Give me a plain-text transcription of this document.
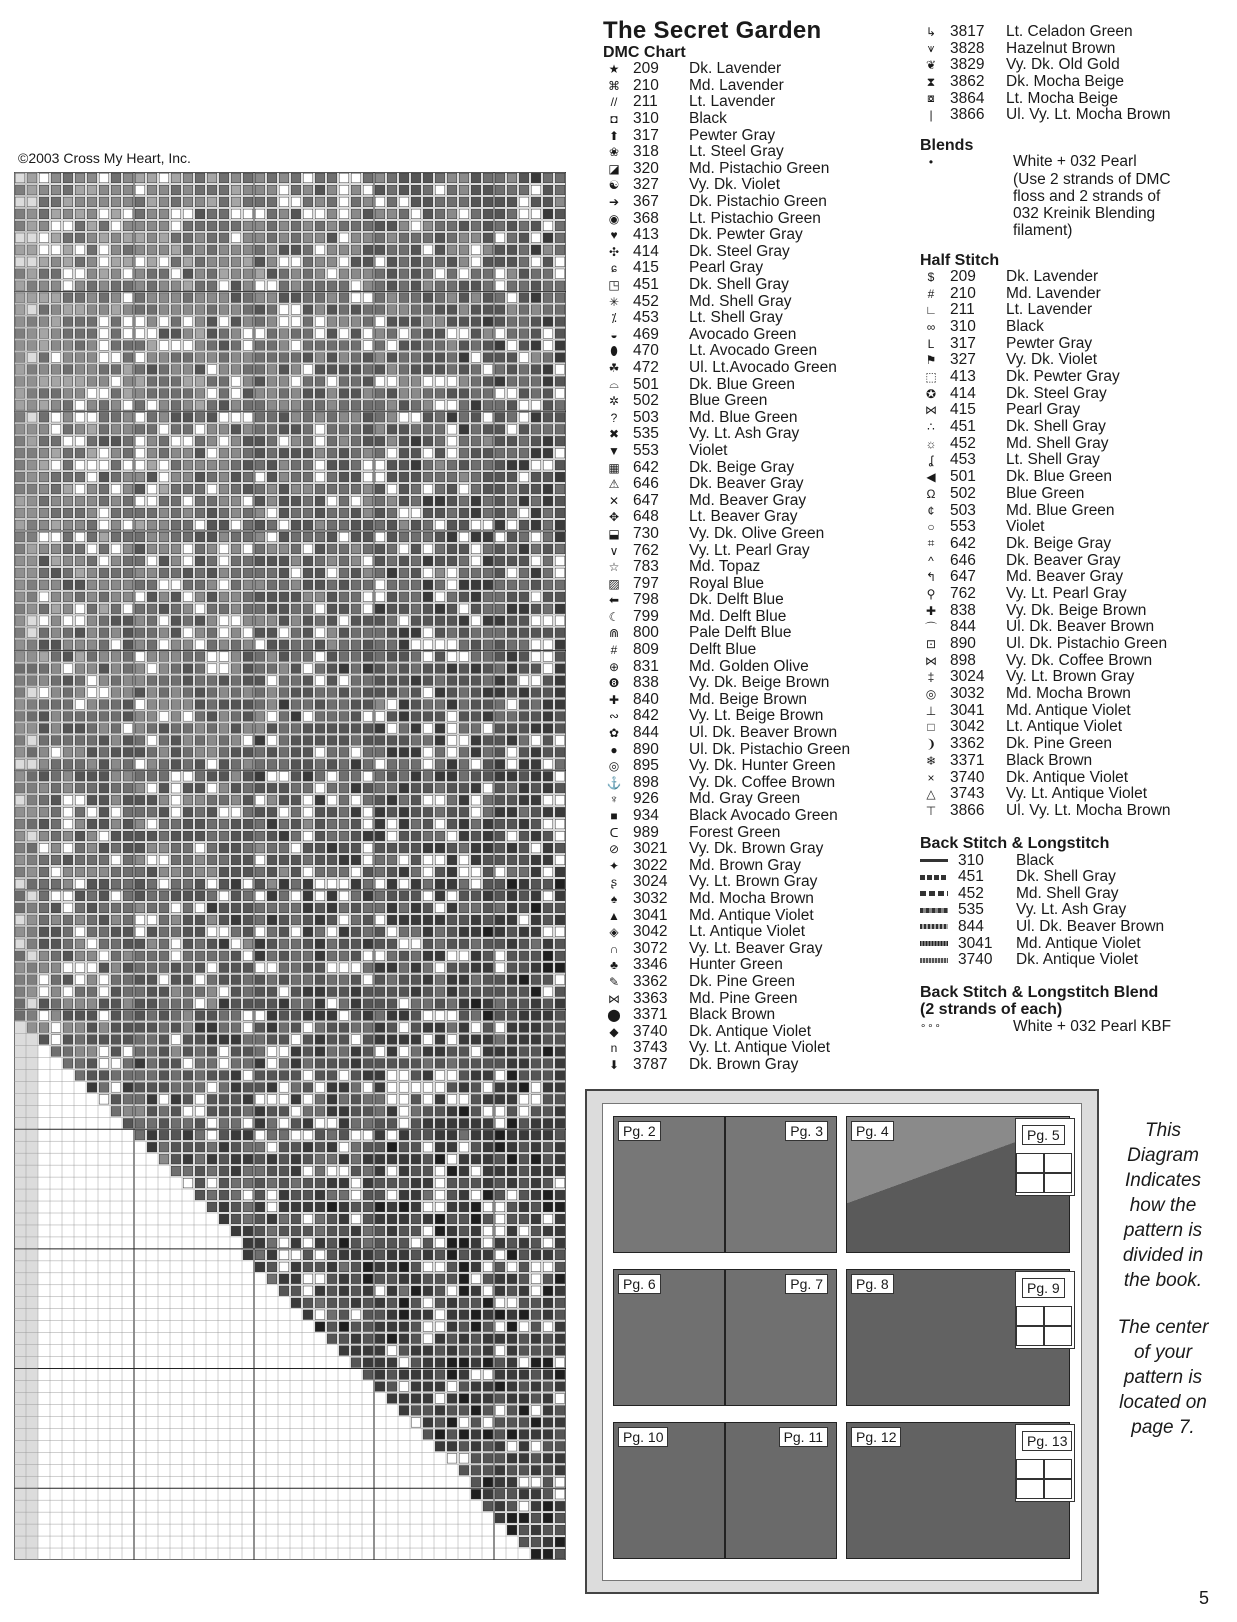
©2003 Cross My Heart, Inc.
The Secret Garden
DMC Chart
★ 209	Dk. Lavender
⌘ 210	Md. Lavender
//	211	Lt. Lavender
◘ 310	Black
⬆ 317	Pewter Gray
❀ 318	Lt. Steel Gray
◪ 320	Md. Pistachio Green
☯ 327	Vy. Dk. Violet
➔ 367	Dk. Pistachio Green
◉ 368	Lt. Pistachio Green
♥ 413	Dk. Pewter Gray
✣ 414	Dk. Steel Gray
ɕ	415	Pearl Gray
◳ 451	Dk. Shell Gray
✳ 452	Md. Shell Gray
⁒	453	Lt. Shell Gray
◒ 469	Avocado Green
⬮ 470	Lt. Avocado Green
☘ 472	Ul. Lt.Avocado Green
⌓ 501	Dk. Blue Green
✲ 502	Blue Green
?	503	Md. Blue Green
✖ 535	Vy. Lt. Ash Gray
▼ 553	Violet
▦ 642	Dk. Beige Gray
⚠ 646	Dk. Beaver Gray
✕ 647	Md. Beaver Gray
✥ 648	Lt. Beaver Gray
⬓ 730	Vy. Dk. Olive Green
∨ 762	Vy. Lt. Pearl Gray
☆ 783	Md. Topaz
▨ 797	Royal Blue
⬅ 798	Dk. Delft Blue
☾ 799	Md. Delft Blue
⋒ 800	Pale Delft Blue
#	809	Delft Blue
⊕ 831	Md. Golden Olive
❽ 838	Vy. Dk. Beige Brown
✚ 840	Md. Beige Brown
∾ 842	Vy. Lt. Beige Brown
✿ 844	Ul. Dk. Beaver Brown
● 890	Ul. Dk. Pistachio Green
◎ 895	Vy. Dk. Hunter Green
⚓ 898	Vy. Dk. Coffee Brown
♆ 926	Md. Gray Green
■ 934	Black Avocado Green
ᑕ 989	Forest Green
⊘ 3021	Vy. Dk. Brown Gray
✦ 3022	Md. Brown Gray
ʂ	3024	Vy. Lt. Brown Gray
♠	3032	Md. Mocha Brown
▲ 3041	Md. Antique Violet
◈ 3042	Lt. Antique Violet
∩ 3072	Vy. Lt. Beaver Gray
♣ 3346	Hunter Green
✎ 3362	Dk. Pine Green
⋈ 3363	Md. Pine Green
⬤ 3371	Black Brown
◆ 3740	Dk. Antique Violet
n	3743	Vy. Lt. Antique Violet
⬇ 3787	Dk. Brown Gray
↳ 3817	Lt. Celadon Green
⩛	3828	Hazelnut Brown
❦ 3829	Vy. Dk. Old Gold
⧗ 3862	Dk. Mocha Beige
⧇ 3864	Lt. Mocha Beige
|	3866	Ul. Vy. Lt. Mocha Brown
Blends
•	White + 032 Pearl
(Use 2 strands of DMC
floss and 2 strands of
032 Kreinik Blending
filament)
Half Stitch
$	209	Dk. Lavender
#	210	Md. Lavender
∟ 211	Lt. Lavender
∞ 310	Black
L	317	Pewter Gray
⚑ 327	Vy. Dk. Violet
⬚ 413	Dk. Pewter Gray
✪ 414	Dk. Steel Gray
⋈ 415	Pearl Gray
∴ 451	Dk. Shell Gray
☼ 452	Md. Shell Gray
ʆ	453	Lt. Shell Gray
◀ 501	Dk. Blue Green
Ω 502	Blue Green
¢	503	Md. Blue Green
○ 553	Violet
⌗	642	Dk. Beige Gray
^	646	Dk. Beaver Gray
↰ 647	Md. Beaver Gray
⚲ 762	Vy. Lt. Pearl Gray
✚ 838	Vy. Dk. Beige Brown
⌒ 844	Ul. Dk. Beaver Brown
⊡ 890	Ul. Dk. Pistachio Green
⋈ 898	Vy. Dk. Coffee Brown
‡	3024	Vy. Lt. Brown Gray
◎ 3032	Md. Mocha Brown
⊥ 3041	Md. Antique Violet
□ 3042	Lt. Antique Violet
❩ 3362	Dk. Pine Green
❄ 3371	Black Brown
×	3740	Dk. Antique Violet
△ 3743	Vy. Lt. Antique Violet
⊤ 3866	Ul. Vy. Lt. Mocha Brown
Back Stitch & Longstitch
310	Black
451	Dk. Shell Gray
452	Md. Shell Gray
535	Vy. Lt. Ash Gray
844	Ul. Dk. Beaver Brown
3041	Md. Antique Violet
3740	Dk. Antique Violet
Back Stitch & Longstitch Blend
(2 strands of each)
∘∘∘	White + 032 Pearl KBF
Pg. 2	Pg. 3	Pg. 4	Pg. 5
Pg. 6	Pg. 7	Pg. 8	Pg. 9
Pg. 10	Pg. 11	Pg. 12	Pg. 13
This Diagram Indicates how the pattern is divided in the book.
The center of your pattern is located on page 7.
5
